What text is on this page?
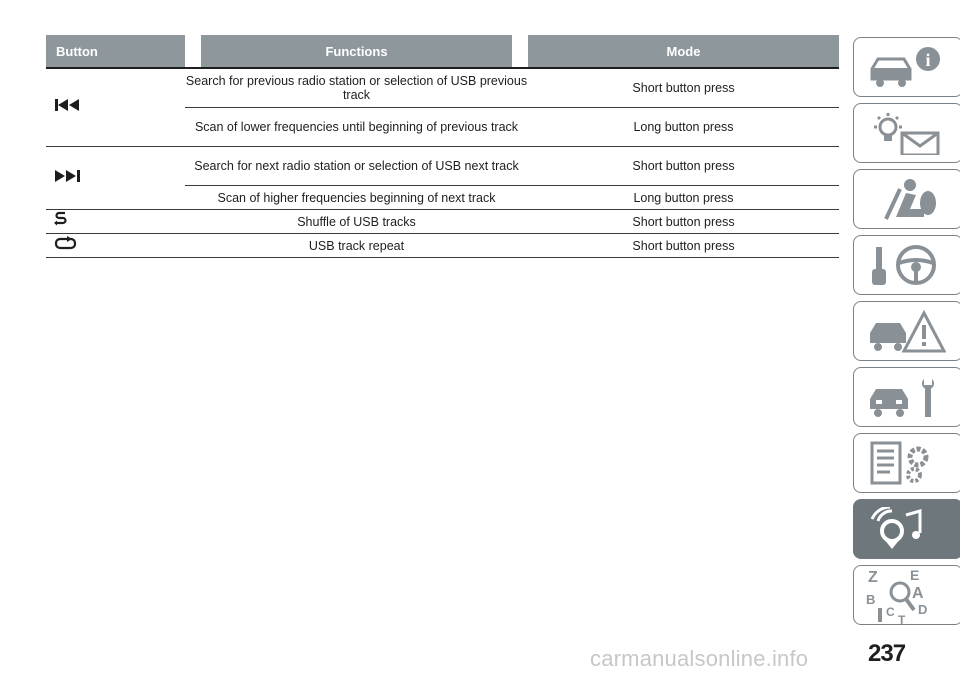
Button	Functions	Mode
Search for previous radio station or selection of USB previous track	Short button press
Scan of lower frequencies until beginning of previous track	Long button press
Search for next radio station or selection of USB next track	Short button press
Scan of higher frequencies beginning of next track	Long button press
Shuffle of USB tracks	Short button press
USB track repeat	Short button press
i
Z E
B A
D
C
T
carmanualsonline.info 237
